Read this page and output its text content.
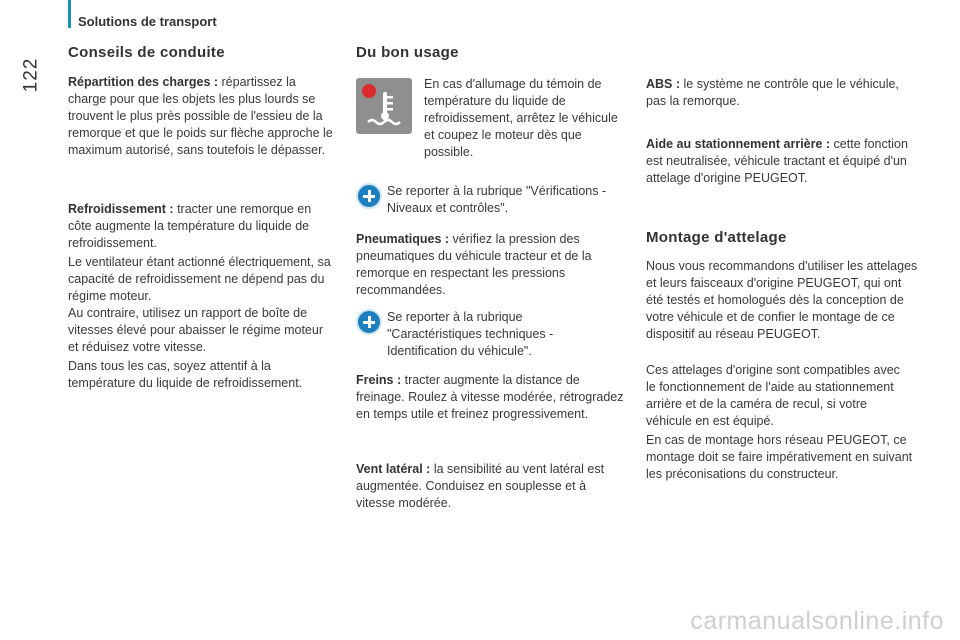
Solutions de transport
122
Conseils de conduite

Répartition des charges : répartissez la charge pour que les objets les plus lourds se trouvent le plus près possible de l'essieu de la remorque et que le poids sur flèche approche le maximum autorisé, sans toutefois le dépasser.

Refroidissement : tracter une remorque en côte augmente la température du liquide de refroidissement.

Le ventilateur étant actionné électriquement, sa capacité de refroidissement ne dépend pas du régime moteur.

Au contraire, utilisez un rapport de boîte de vitesses élevé pour abaisser le régime moteur et réduisez votre vitesse.

Dans tous les cas, soyez attentif à la température du liquide de refroidissement.

Du bon usage

En cas d'allumage du témoin de température du liquide de refroidissement, arrêtez le véhicule et coupez le moteur dès que possible.

Se reporter à la rubrique "Vérifications - Niveaux et contrôles".

Pneumatiques : vérifiez la pression des pneumatiques du véhicule tracteur et de la remorque en respectant les pressions recommandées.

Se reporter à la rubrique "Caractéristiques techniques - Identification du véhicule".

Freins : tracter augmente la distance de freinage. Roulez à vitesse modérée, rétrogradez en temps utile et freinez progressivement.

Vent latéral : la sensibilité au vent latéral est augmentée. Conduisez en souplesse et à vitesse modérée.

ABS : le système ne contrôle que le véhicule, pas la remorque.

Aide au stationnement arrière : cette fonction est neutralisée, véhicule tractant et équipé d'un attelage d'origine PEUGEOT.

Montage d'attelage

Nous vous recommandons d'utiliser les attelages et leurs faisceaux d'origine PEUGEOT, qui ont été testés et homologués dès la conception de votre véhicule et de confier le montage de ce dispositif au réseau PEUGEOT.

Ces attelages d'origine sont compatibles avec le fonctionnement de l'aide au stationnement arrière et de la caméra de recul, si votre véhicule en est équipé.

En cas de montage hors réseau PEUGEOT, ce montage doit se faire impérativement en suivant les préconisations du constructeur.

carmanualsonline.info
